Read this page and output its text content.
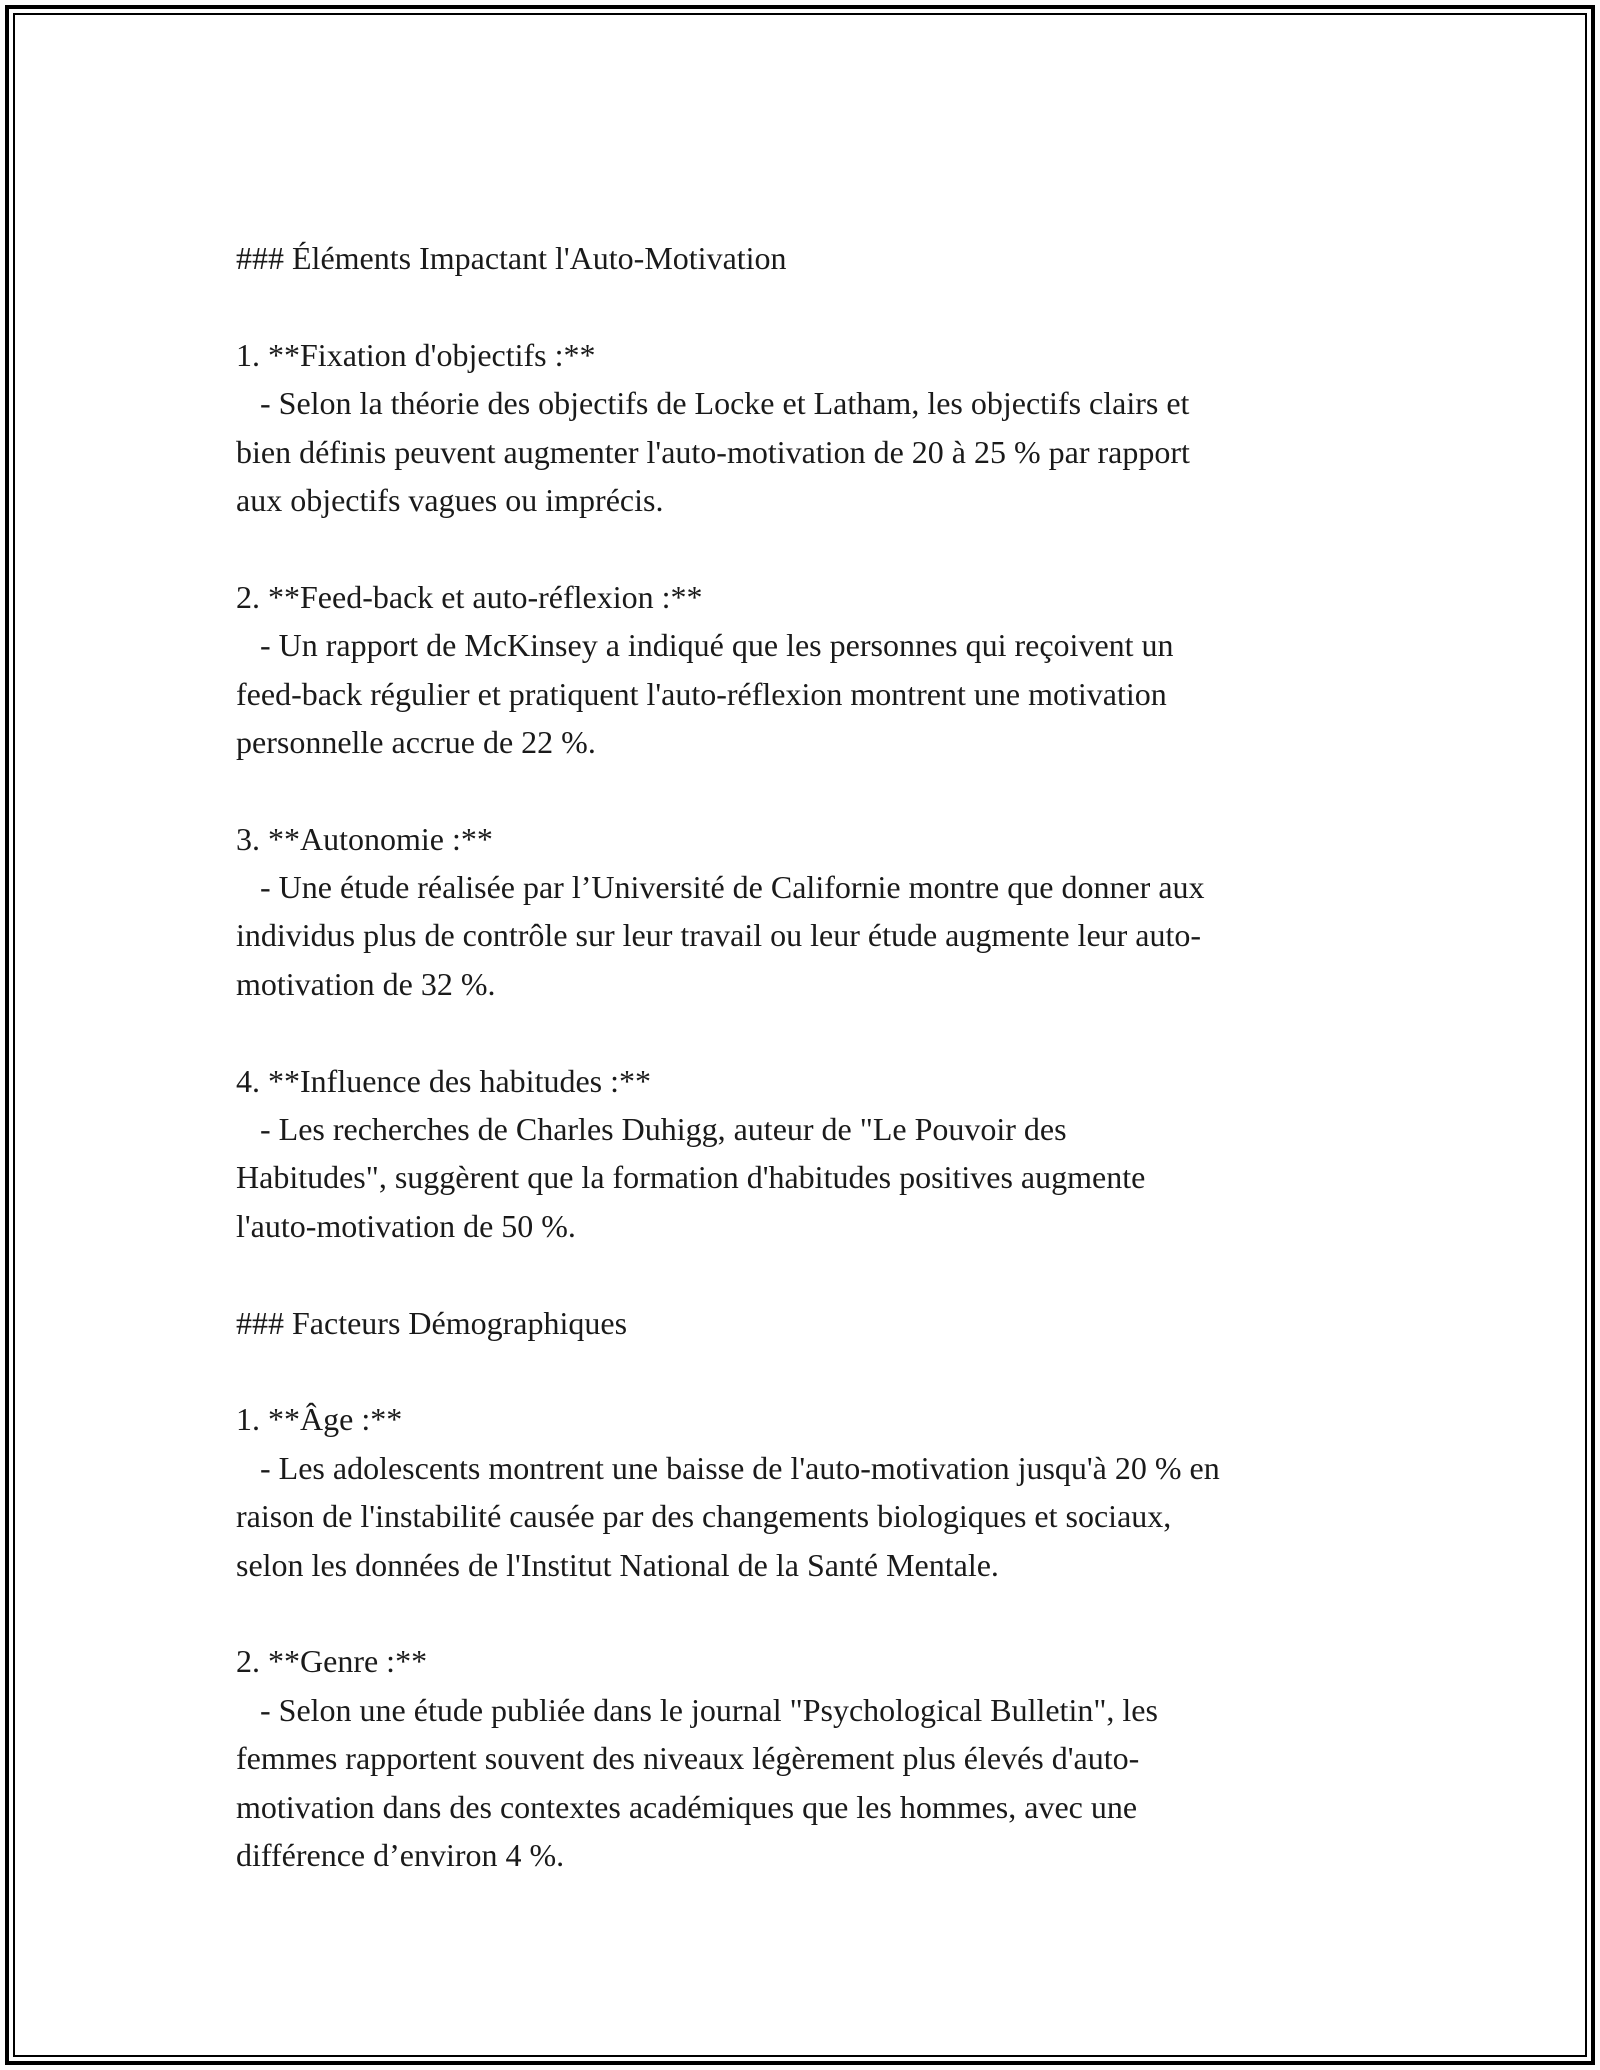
### Éléments Impactant l'Auto-Motivation
1. **Fixation d'objectifs :**
- Selon la théorie des objectifs de Locke et Latham, les objectifs clairs et
bien définis peuvent augmenter l'auto-motivation de 20 à 25 % par rapport
aux objectifs vagues ou imprécis.
2. **Feed-back et auto-réflexion :**
- Un rapport de McKinsey a indiqué que les personnes qui reçoivent un
feed-back régulier et pratiquent l'auto-réflexion montrent une motivation
personnelle accrue de 22 %.
3. **Autonomie :**
- Une étude réalisée par l’Université de Californie montre que donner aux
individus plus de contrôle sur leur travail ou leur étude augmente leur auto-
motivation de 32 %.
4. **Influence des habitudes :**
- Les recherches de Charles Duhigg, auteur de "Le Pouvoir des
Habitudes", suggèrent que la formation d'habitudes positives augmente
l'auto-motivation de 50 %.
### Facteurs Démographiques
1. **Âge :**
- Les adolescents montrent une baisse de l'auto-motivation jusqu'à 20 % en
raison de l'instabilité causée par des changements biologiques et sociaux,
selon les données de l'Institut National de la Santé Mentale.
2. **Genre :**
- Selon une étude publiée dans le journal "Psychological Bulletin", les
femmes rapportent souvent des niveaux légèrement plus élevés d'auto-
motivation dans des contextes académiques que les hommes, avec une
différence d’environ 4 %.
